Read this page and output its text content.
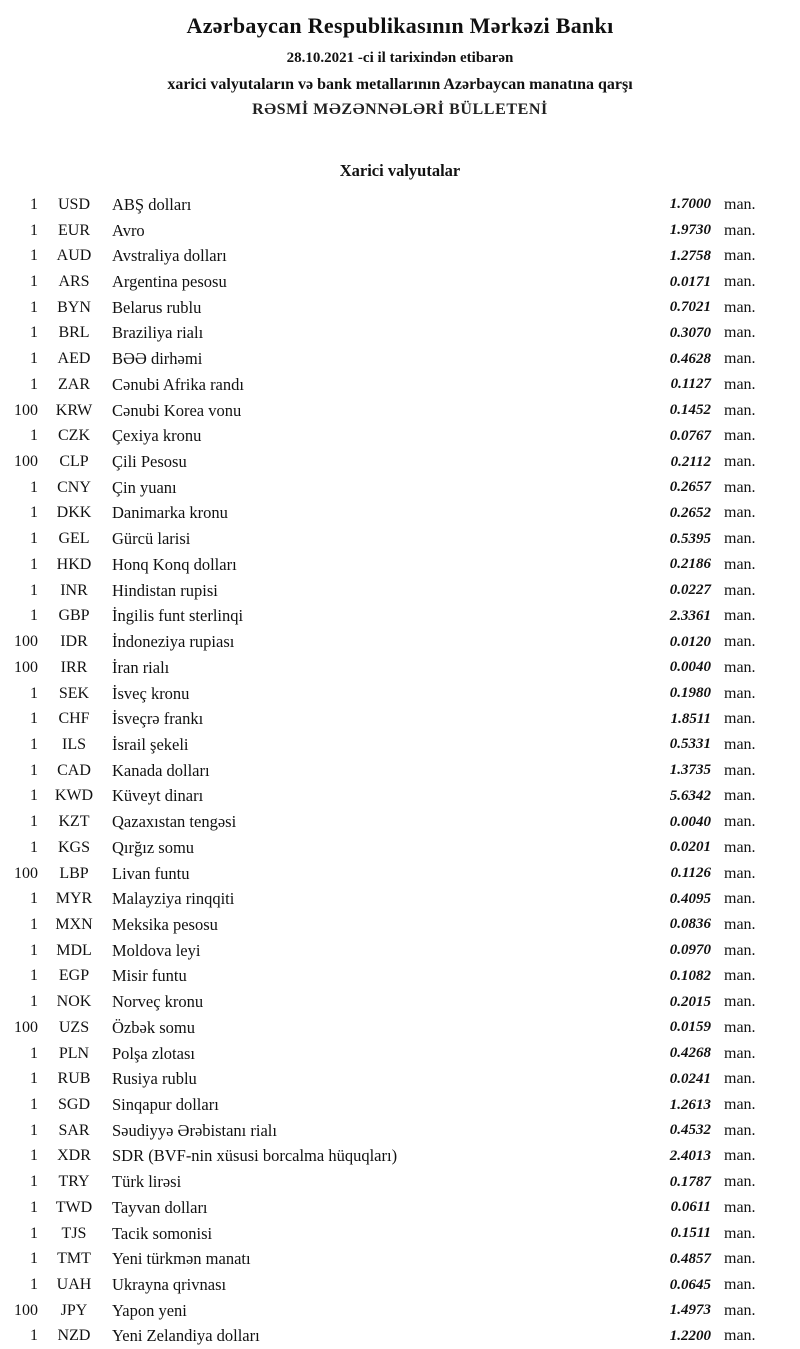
Azərbaycan Respublikasının Mərkəzi Bankı
28.10.2021 -ci il tarixindən etibarən
xarici valyutaların və bank metallarının Azərbaycan manatına qarşı
RƏSMİ MƏZƏNNƏLƏRİ BÜLLETENİ
Xarici valyutalar
1	USD	ABŞ dolları	1.7000 man.
1	EUR	Avro	1.9730 man.
1	AUD	Avstraliya dolları	1.2758 man.
1	ARS	Argentina pesosu	0.0171 man.
1	BYN	Belarus rublu	0.7021 man.
1	BRL	Braziliya rialı	0.3070 man.
1	AED	BƏƏ dirhəmi	0.4628 man.
1	ZAR	Cənubi Afrika randı	0.1127 man.
100	KRW	Cənubi Korea vonu	0.1452 man.
1	CZK	Çexiya kronu	0.0767 man.
100	CLP	Çili Pesosu	0.2112 man.
1	CNY	Çin yuanı	0.2657 man.
1	DKK	Danimarka kronu	0.2652 man.
1	GEL	Gürcü larisi	0.5395 man.
1	HKD	Honq Konq dolları	0.2186 man.
1	INR	Hindistan rupisi	0.0227 man.
1	GBP	İngilis funt sterlinqi	2.3361 man.
100	IDR	İndoneziya rupiası	0.0120 man.
100	IRR	İran rialı	0.0040 man.
1	SEK	İsveç kronu	0.1980 man.
1	CHF	İsveçrə frankı	1.8511 man.
1	ILS	İsrail şekeli	0.5331 man.
1	CAD	Kanada dolları	1.3735 man.
1	KWD	Küveyt dinarı	5.6342 man.
1	KZT	Qazaxıstan tengəsi	0.0040 man.
1	KGS	Qırğız somu	0.0201 man.
100	LBP	Livan funtu	0.1126 man.
1	MYR	Malayziya rinqqiti	0.4095 man.
1	MXN	Meksika pesosu	0.0836 man.
1	MDL	Moldova leyi	0.0970 man.
1	EGP	Misir funtu	0.1082 man.
1	NOK	Norveç kronu	0.2015 man.
100	UZS	Özbək somu	0.0159 man.
1	PLN	Polşa zlotası	0.4268 man.
1	RUB	Rusiya rublu	0.0241 man.
1	SGD	Sinqapur dolları	1.2613 man.
1	SAR	Səudiyyə Ərəbistanı rialı	0.4532 man.
1	XDR	SDR (BVF-nin xüsusi borcalma hüquqları)	2.4013 man.
1	TRY	Türk lirəsi	0.1787 man.
1	TWD	Tayvan dolları	0.0611 man.
1	TJS	Tacik somonisi	0.1511 man.
1	TMT	Yeni türkmən manatı	0.4857 man.
1	UAH	Ukrayna qrivnası	0.0645 man.
100	JPY	Yapon yeni	1.4973 man.
1	NZD	Yeni Zelandiya dolları	1.2200 man.
